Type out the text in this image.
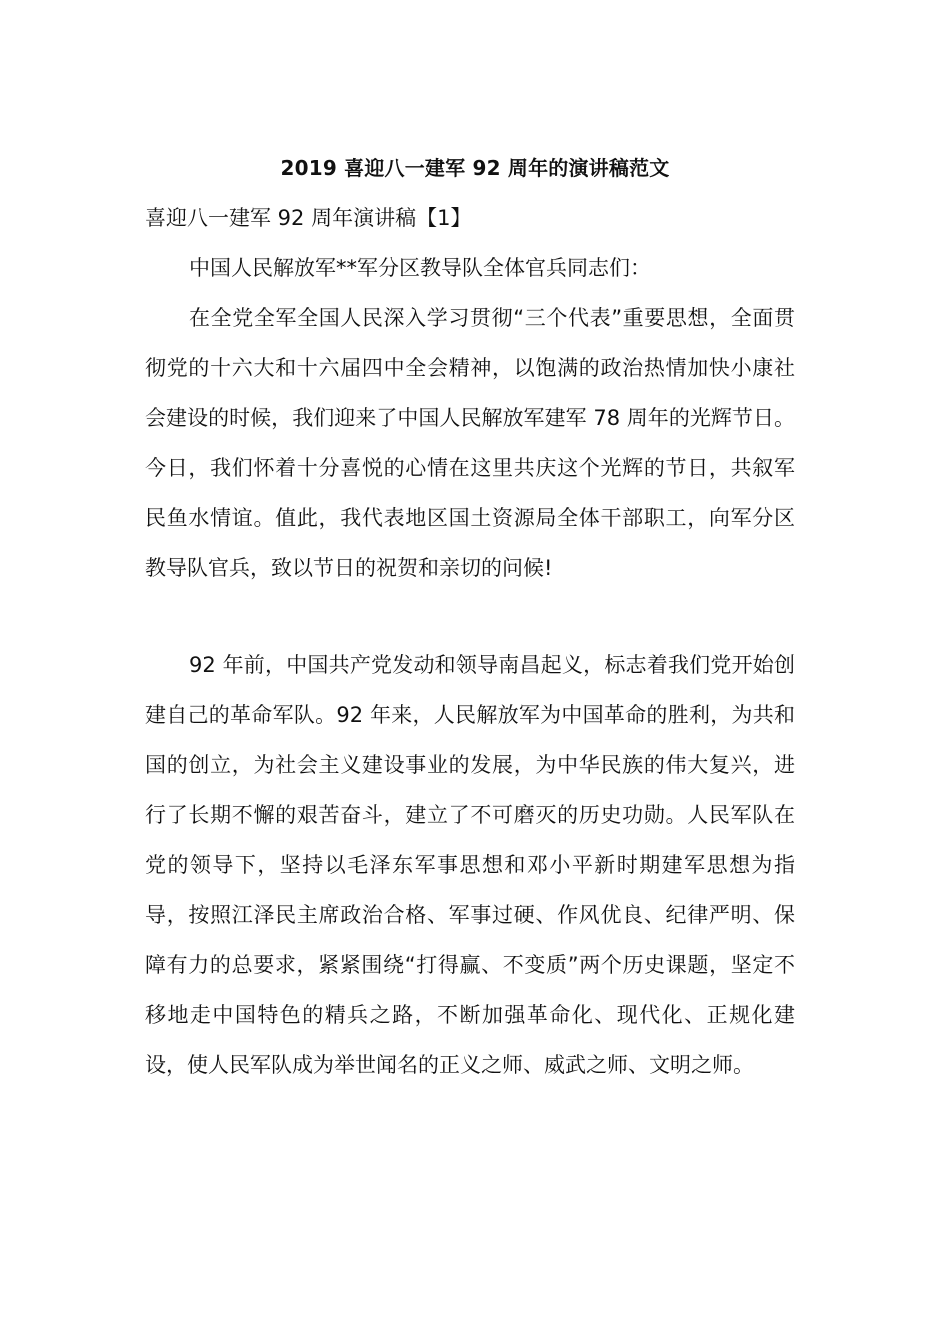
2019 喜迎八一建军 92 周年的演讲稿范文
喜迎八一建军 92 周年演讲稿【1】
中国人民解放军**军分区教导队全体官兵同志们：

在全党全军全国人民深入学习贯彻“三个代表”重要思想，全面贯彻党的十六大和十六届四中全会精神，以饱满的政治热情加快小康社会建设的时候，我们迎来了中国人民解放军建军 78 周年的光辉节日。今日，我们怀着十分喜悦的心情在这里共庆这个光辉的节日，共叙军民鱼水情谊。值此，我代表地区国土资源局全体干部职工，向军分区教导队官兵，致以节日的祝贺和亲切的问候!

92 年前，中国共产党发动和领导南昌起义，标志着我们党开始创建自己的革命军队。92 年来，人民解放军为中国革命的胜利，为共和国的创立，为社会主义建设事业的发展，为中华民族的伟大复兴，进行了长期不懈的艰苦奋斗，建立了不可磨灭的历史功勋。人民军队在党的领导下，坚持以毛泽东军事思想和邓小平新时期建军思想为指导，按照江泽民主席政治合格、军事过硬、作风优良、纪律严明、保障有力的总要求，紧紧围绕“打得赢、不变质”两个历史课题，坚定不移地走中国特色的精兵之路，不断加强革命化、现代化、正规化建设，使人民军队成为举世闻名的正义之师、威武之师、文明之师。
